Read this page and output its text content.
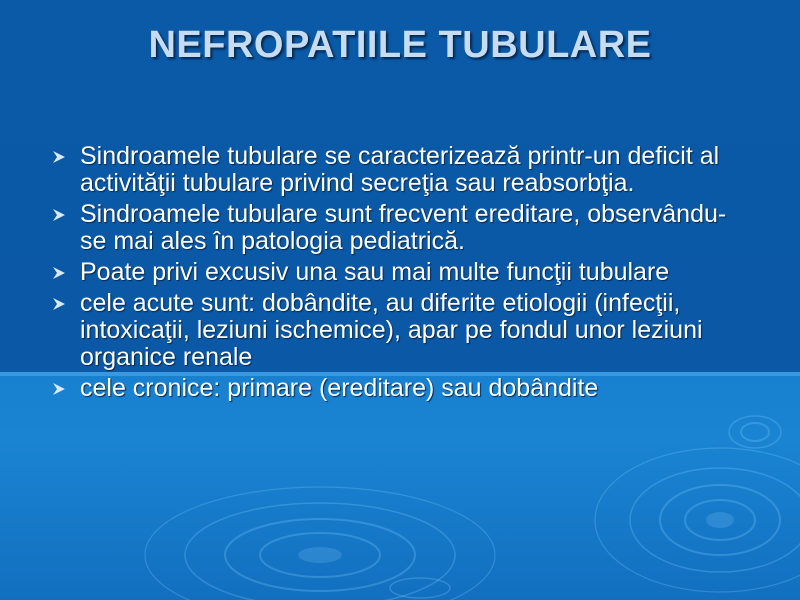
NEFROPATIILE TUBULARE
Sindroamele tubulare se caracterizează printr-un deficit al activităţii tubulare privind secreţia sau reabsorbţia.
Sindroamele tubulare sunt frecvent ereditare, observându-se mai ales în patologia pediatrică.
Poate privi excusiv una sau mai multe funcţii tubulare
cele acute sunt: dobândite, au diferite etiologii (infecţii, intoxicaţii, leziuni ischemice), apar pe fondul unor leziuni organice renale
cele cronice: primare (ereditare) sau dobândite
